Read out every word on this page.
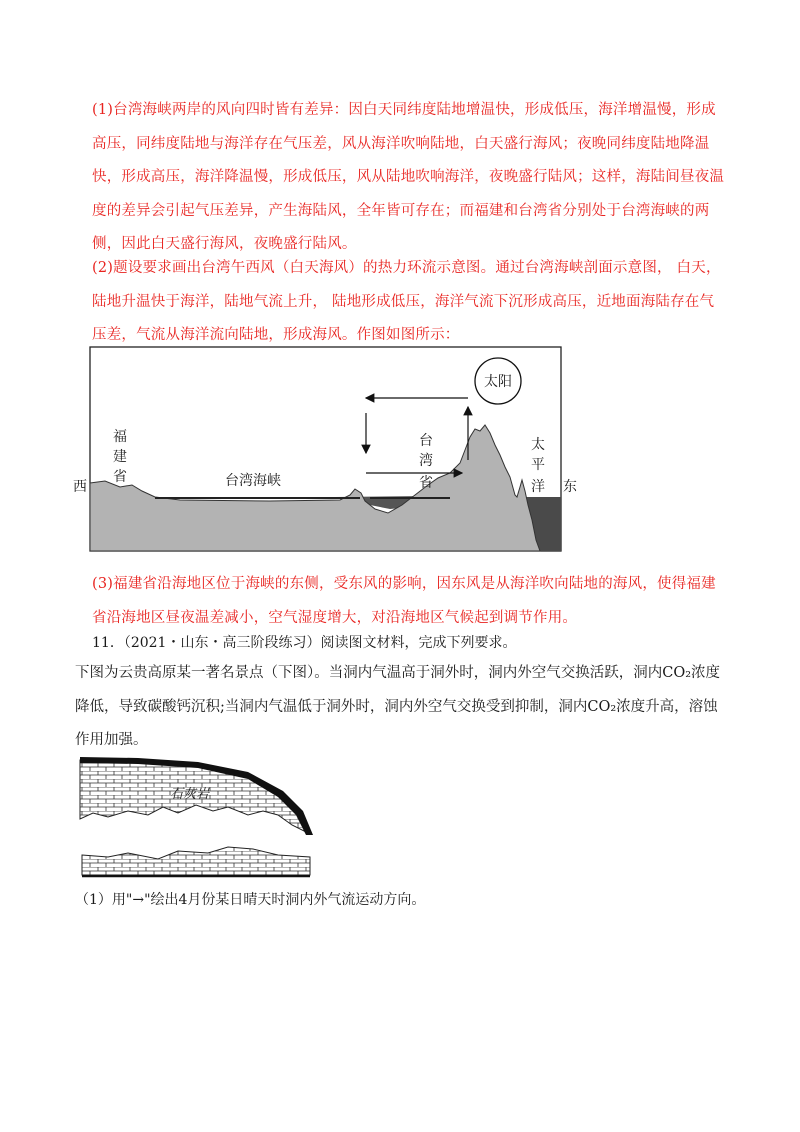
(1)台湾海峡两岸的风向四时皆有差异：因白天同纬度陆地增温快，形成低压，海洋增温慢，形成高压，同纬度陆地与海洋存在气压差，风从海洋吹响陆地，白天盛行海风；夜晚同纬度陆地降温快，形成高压，海洋降温慢，形成低压，风从陆地吹响海洋，夜晚盛行陆风；这样，海陆间昼夜温度的差异会引起气压差异，产生海陆风，全年皆可存在；而福建和台湾省分别处于台湾海峡的两侧，因此白天盛行海风，夜晚盛行陆风。

(2)题设要求画出台湾午西风（白天海风）的热力环流示意图。通过台湾海峡剖面示意图， 白天， 陆地升温快于海洋，陆地气流上升， 陆地形成低压，海洋气流下沉形成高压，近地面海陆存在气压差，气流从海洋流向陆地，形成海风。作图如图所示：

太阳
西	东
福
建
省	台湾海峡
台
湾
省
太
平
洋

(3)福建省沿海地区位于海峡的东侧，受东风的影响，因东风是从海洋吹向陆地的海风，使得福建省沿海地区昼夜温差减小，空气湿度增大，对沿海地区气候起到调节作用。

11．（2021・山东・高三阶段练习）阅读图文材料，完成下列要求。

下图为云贵高原某一著名景点（下图）。当洞内气温高于洞外时，洞内外空气交换活跃，洞内CO₂浓度降低，导致碳酸钙沉积;当洞内气温低于洞外时，洞内外空气交换受到抑制，洞内CO₂浓度升高，溶蚀作用加强。

石灰岩
（1）用"→"绘出4月份某日晴天时洞内外气流运动方向。
